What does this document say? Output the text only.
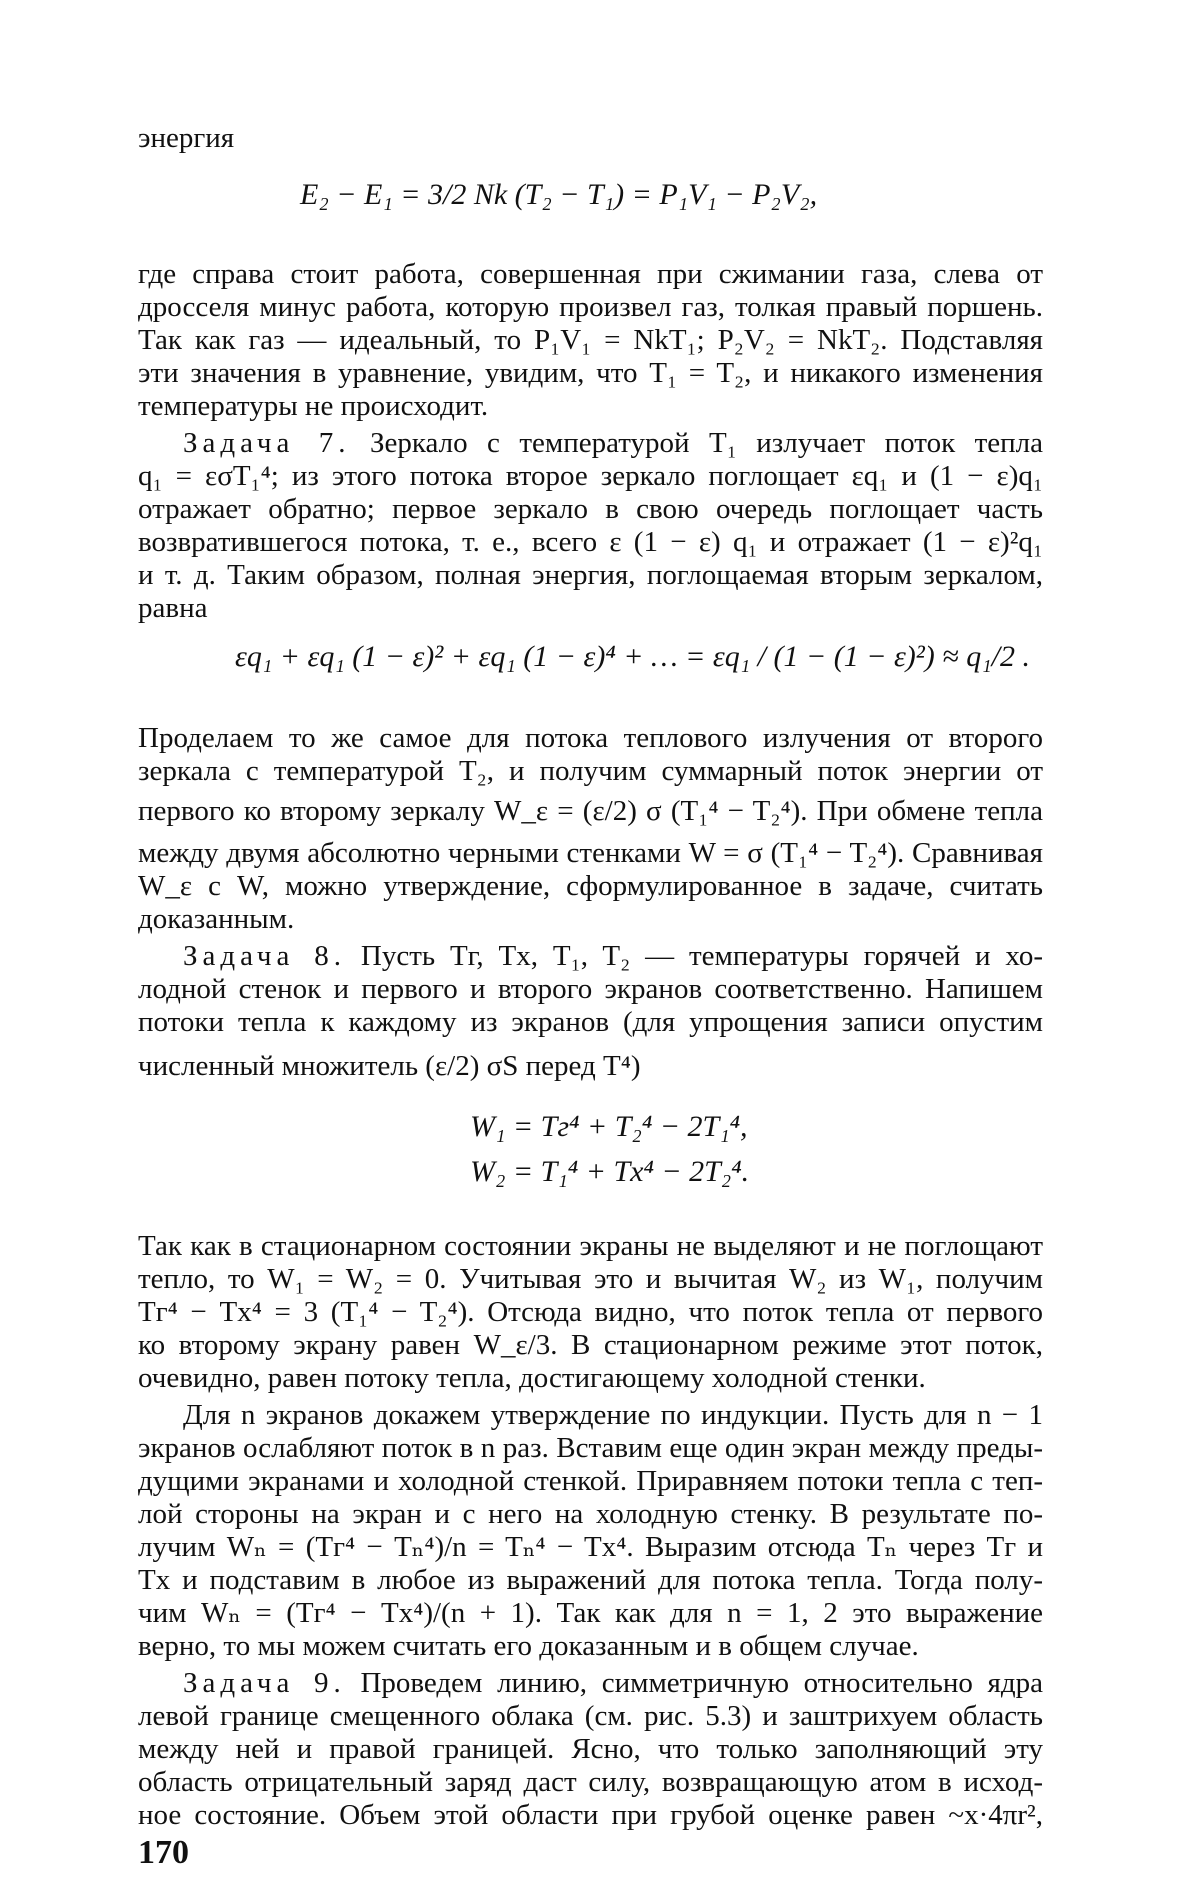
энергия
E₂ − E₁ = 3/2 Nk (T₂ − T₁) = P₁V₁ − P₂V₂,
где справа стоит работа, совершенная при сжимании газа, слева от
дросселя минус работа, которую произвел газ, толкая правый поршень.
Так как газ — идеальный, то P₁V₁ = NkT₁; P₂V₂ = NkT₂. Подставляя
эти значения в уравнение, увидим, что T₁ = T₂, и никакого изменения
температуры не происходит.
Задача 7. Зеркало с температурой T₁ излучает поток тепла
q₁ = εσT₁⁴; из этого потока второе зеркало поглощает εq₁ и (1 − ε)q₁
отражает обратно; первое зеркало в свою очередь поглощает часть
возвратившегося потока, т. е., всего ε (1 − ε) q₁ и отражает (1 − ε)²q₁
и т. д. Таким образом, полная энергия, поглощаемая вторым зеркалом,
равна
εq₁ + εq₁ (1 − ε)² + εq₁ (1 − ε)⁴ + … = εq₁ / (1 − (1 − ε)²) ≈ q₁/2 .
Проделаем то же самое для потока теплового излучения от второго
зеркала с температурой T₂, и получим суммарный поток энергии от
первого ко второму зеркалу W_ε = (ε/2) σ (T₁⁴ − T₂⁴). При обмене тепла
между двумя абсолютно черными стенками W = σ (T₁⁴ − T₂⁴). Сравнивая
W_ε с W, можно утверждение, сформулированное в задаче, считать
доказанным.
Задача 8. Пусть Tг, Tх, T₁, T₂ — температуры горячей и хо-
лодной стенок и первого и второго экранов соответственно. Напишем
потоки тепла к каждому из экранов (для упрощения записи опустим
численный множитель (ε/2) σS перед T⁴)
W₁ = Tг⁴ + T₂⁴ − 2T₁⁴,
W₂ = T₁⁴ + Tх⁴ − 2T₂⁴.
Так как в стационарном состоянии экраны не выделяют и не поглощают
тепло, то W₁ = W₂ = 0. Учитывая это и вычитая W₂ из W₁, получим
Tг⁴ − Tх⁴ = 3 (T₁⁴ − T₂⁴). Отсюда видно, что поток тепла от первого
ко второму экрану равен W_ε/3. В стационарном режиме этот поток,
очевидно, равен потоку тепла, достигающему холодной стенки.
Для n экранов докажем утверждение по индукции. Пусть для n − 1
экранов ослабляют поток в n раз. Вставим еще один экран между преды-
дущими экранами и холодной стенкой. Приравняем потоки тепла с теп-
лой стороны на экран и с него на холодную стенку. В результате по-
лучим Wₙ = (Tг⁴ − Tₙ⁴)/n = Tₙ⁴ − Tх⁴. Выразим отсюда Tₙ через Tг и
Tх и подставим в любое из выражений для потока тепла. Тогда полу-
чим Wₙ = (Tг⁴ − Tх⁴)/(n + 1). Так как для n = 1, 2 это выражение
верно, то мы можем считать его доказанным и в общем случае.
Задача 9. Проведем линию, симметричную относительно ядра
левой границе смещенного облака (см. рис. 5.3) и заштрихуем область
между ней и правой границей. Ясно, что только заполняющий эту
область отрицательный заряд даст силу, возвращающую атом в исход-
ное состояние. Объем этой области при грубой оценке равен ~x·4πr²,
170
